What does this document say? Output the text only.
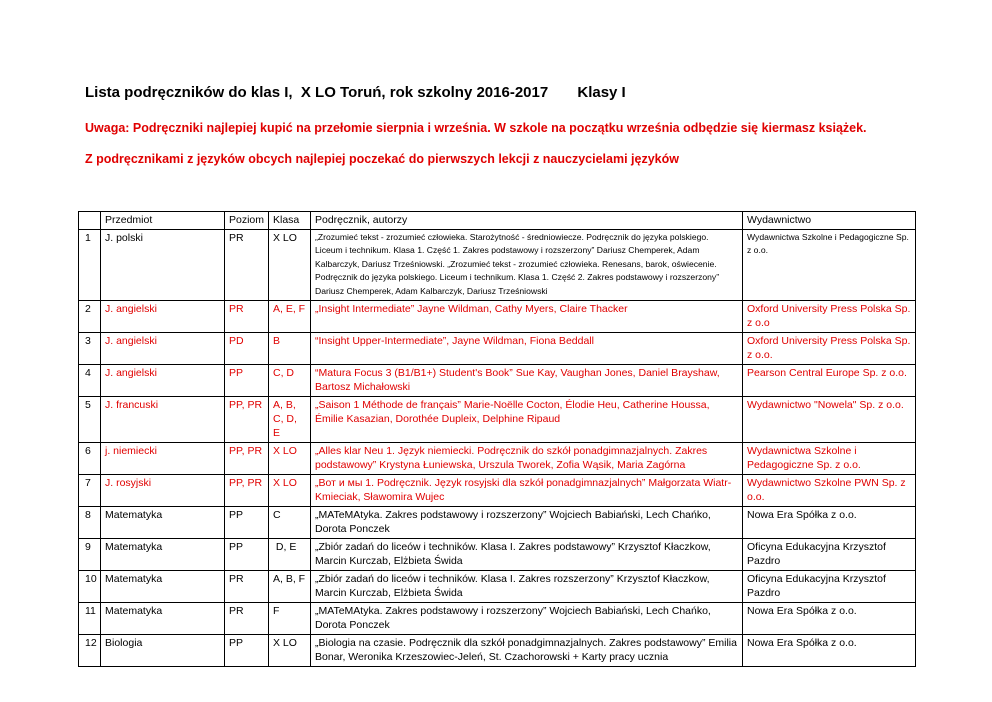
Lista podręczników do klas I,  X LO Toruń, rok szkolny 2016-2017       Klasy I
Uwaga: Podręczniki najlepiej kupić na przełomie sierpnia i września. W szkole na początku września odbędzie się kiermasz książek.
Z podręcznikami z języków obcych najlepiej poczekać do pierwszych lekcji z nauczycielami języków
	Przedmiot	Poziom	Klasa	Podręcznik, autorzy	Wydawnictwo
1	J. polski	PR	X LO	„Zrozumieć tekst - zrozumieć człowieka. Starożytność - średniowiecze. Podręcznik do języka polskiego. Liceum i technikum. Klasa 1. Część 1. Zakres podstawowy i rozszerzony” Dariusz Chemperek, Adam Kalbarczyk, Dariusz Trześniowski. „Zrozumieć tekst - zrozumieć człowieka. Renesans, barok, oświecenie. Podręcznik do języka polskiego. Liceum i technikum. Klasa 1. Część 2. Zakres podstawowy i rozszerzony” Dariusz Chemperek, Adam Kalbarczyk, Dariusz Trześniowski	Wydawnictwa Szkolne i Pedagogiczne Sp. z o.o.
2	J. angielski	PR	A, E, F	„Insight Intermediate” Jayne Wildman, Cathy Myers, Claire Thacker	Oxford University Press Polska Sp. z o.o
3	J. angielski	PD	B	“Insight Upper-Intermediate”, Jayne Wildman, Fiona Beddall	Oxford University Press Polska Sp. z o.o.
4	J. angielski	PP	C, D	“Matura Focus 3 (B1/B1+) Student's Book” Sue Kay, Vaughan Jones, Daniel Brayshaw, Bartosz Michałowski	Pearson Central Europe Sp. z o.o.
5	J. francuski	PP, PR	A, B, C, D, E	„Saison 1 Méthode de français” Marie-Noëlle Cocton, Élodie Heu, Catherine Houssa, Émilie Kasazian, Dorothée Dupleix, Delphine Ripaud	Wydawnictwo "Nowela" Sp. z o.o.
6	j. niemiecki	PP, PR	X LO	„Alles klar Neu 1. Język niemiecki. Podręcznik do szkół ponadgimnazjalnych. Zakres podstawowy” Krystyna Łuniewska, Urszula Tworek, Zofia Wąsik, Maria Zagórna	Wydawnictwa Szkolne i Pedagogiczne Sp. z o.o.
7	J. rosyjski	PP, PR	X LO	„Вот и мы 1. Podręcznik. Język rosyjski dla szkół ponadgimnazjalnych” Małgorzata Wiatr-Kmieciak, Sławomira Wujec	Wydawnictwo Szkolne PWN Sp. z o.o.
8	Matematyka	PP	C	„MATeMAtyka. Zakres podstawowy i rozszerzony” Wojciech Babiański, Lech Chańko, Dorota Ponczek	Nowa Era Spółka z o.o.
9	Matematyka	PP	D, E	„Zbiór zadań do liceów i techników. Klasa I. Zakres podstawowy” Krzysztof Kłaczkow, Marcin Kurczab, Elżbieta Świda	Oficyna Edukacyjna Krzysztof Pazdro
10	Matematyka	PR	A, B, F	„Zbiór zadań do liceów i techników. Klasa I. Zakres rozszerzony” Krzysztof Kłaczkow, Marcin Kurczab, Elżbieta Świda	Oficyna Edukacyjna Krzysztof Pazdro
11	Matematyka	PR	F	„MATeMAtyka. Zakres podstawowy i rozszerzony” Wojciech Babiański, Lech Chańko, Dorota Ponczek	Nowa Era Spółka z o.o.
12	Biologia	PP	X LO	„Biologia na czasie. Podręcznik dla szkół ponadgimnazjalnych. Zakres podstawowy” Emilia Bonar, Weronika Krzeszowiec-Jeleń, St. Czachorowski + Karty pracy ucznia	Nowa Era Spółka z o.o.
